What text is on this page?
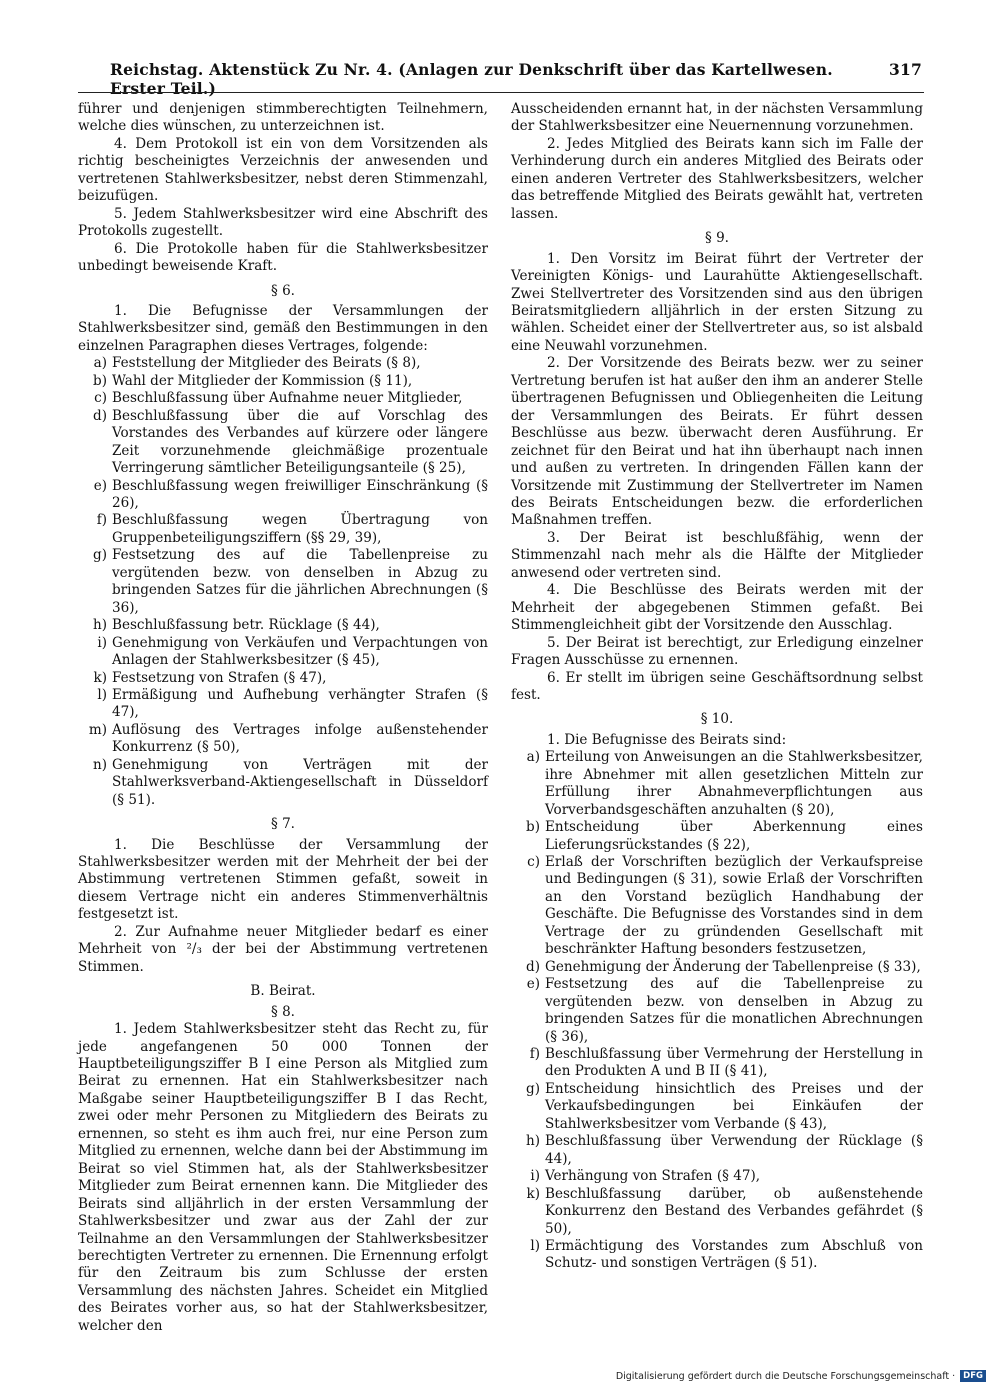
Reichstag. Aktenstück Zu Nr. 4. (Anlagen zur Denkschrift über das Kartellwesen. Erster Teil.)
317

führer und denjenigen stimmberechtigten Teilnehmern, welche dies wünschen, zu unterzeichnen ist.

4. Dem Protokoll ist ein von dem Vorsitzenden als richtig bescheinigtes Verzeichnis der anwesenden und vertretenen Stahlwerksbesitzer, nebst deren Stimmenzahl, beizufügen.

5. Jedem Stahlwerksbesitzer wird eine Abschrift des Protokolls zugestellt.

6. Die Protokolle haben für die Stahlwerksbesitzer unbedingt beweisende Kraft.

§ 6.

1. Die Befugnisse der Versammlungen der Stahlwerksbesitzer sind, gemäß den Bestimmungen in den einzelnen Paragraphen dieses Vertrages, folgende:

a) Feststellung der Mitglieder des Beirats (§ 8),
b) Wahl der Mitglieder der Kommission (§ 11),
c) Beschlußfassung über Aufnahme neuer Mitglieder,
d) Beschlußfassung über die auf Vorschlag des Vorstandes des Verbandes auf kürzere oder längere Zeit vorzunehmende gleichmäßige prozentuale Verringerung sämtlicher Beteiligungsanteile (§ 25),
e) Beschlußfassung wegen freiwilliger Einschränkung (§ 26),
f) Beschlußfassung wegen Übertragung von Gruppenbeteiligungsziffern (§§ 29, 39),
g) Festsetzung des auf die Tabellenpreise zu vergütenden bezw. von denselben in Abzug zu bringenden Satzes für die jährlichen Abrechnungen (§ 36),
h) Beschlußfassung betr. Rücklage (§ 44),
i) Genehmigung von Verkäufen und Verpachtungen von Anlagen der Stahlwerksbesitzer (§ 45),
k) Festsetzung von Strafen (§ 47),
l) Ermäßigung und Aufhebung verhängter Strafen (§ 47),
m) Auflösung des Vertrages infolge außenstehender Konkurrenz (§ 50),
n) Genehmigung von Verträgen mit der Stahlwerksverband-Aktiengesellschaft in Düsseldorf (§ 51).

§ 7.

1. Die Beschlüsse der Versammlung der Stahlwerksbesitzer werden mit der Mehrheit der bei der Abstimmung vertretenen Stimmen gefaßt, soweit in diesem Vertrage nicht ein anderes Stimmenverhältnis festgesetzt ist.

2. Zur Aufnahme neuer Mitglieder bedarf es einer Mehrheit von ²/₃ der bei der Abstimmung vertretenen Stimmen.

B. Beirat.

§ 8.

1. Jedem Stahlwerksbesitzer steht das Recht zu, für jede angefangenen 50 000 Tonnen der Hauptbeteiligungsziffer B I eine Person als Mitglied zum Beirat zu ernennen. Hat ein Stahlwerksbesitzer nach Maßgabe seiner Hauptbeteiligungsziffer B I das Recht, zwei oder mehr Personen zu Mitgliedern des Beirats zu ernennen, so steht es ihm auch frei, nur eine Person zum Mitglied zu ernennen, welche dann bei der Abstimmung im Beirat so viel Stimmen hat, als der Stahlwerksbesitzer Mitglieder zum Beirat ernennen kann. Die Mitglieder des Beirats sind alljährlich in der ersten Versammlung der Stahlwerksbesitzer und zwar aus der Zahl der zur Teilnahme an den Versammlungen der Stahlwerksbesitzer berechtigten Vertreter zu ernennen. Die Ernennung erfolgt für den Zeitraum bis zum Schlusse der ersten Versammlung des nächsten Jahres. Scheidet ein Mitglied des Beirates vorher aus, so hat der Stahlwerksbesitzer, welcher den

Ausscheidenden ernannt hat, in der nächsten Versammlung der Stahlwerksbesitzer eine Neuernennung vorzunehmen.

2. Jedes Mitglied des Beirats kann sich im Falle der Verhinderung durch ein anderes Mitglied des Beirats oder einen anderen Vertreter des Stahlwerksbesitzers, welcher das betreffende Mitglied des Beirats gewählt hat, vertreten lassen.

§ 9.

1. Den Vorsitz im Beirat führt der Vertreter der Vereinigten Königs- und Laurahütte Aktiengesellschaft. Zwei Stellvertreter des Vorsitzenden sind aus den übrigen Beiratsmitgliedern alljährlich in der ersten Sitzung zu wählen. Scheidet einer der Stellvertreter aus, so ist alsbald eine Neuwahl vorzunehmen.

2. Der Vorsitzende des Beirats bezw. wer zu seiner Vertretung berufen ist hat außer den ihm an anderer Stelle übertragenen Befugnissen und Obliegenheiten die Leitung der Versammlungen des Beirats. Er führt dessen Beschlüsse aus bezw. überwacht deren Ausführung. Er zeichnet für den Beirat und hat ihn überhaupt nach innen und außen zu vertreten. In dringenden Fällen kann der Vorsitzende mit Zustimmung der Stellvertreter im Namen des Beirats Entscheidungen bezw. die erforderlichen Maßnahmen treffen.

3. Der Beirat ist beschlußfähig, wenn der Stimmenzahl nach mehr als die Hälfte der Mitglieder anwesend oder vertreten sind.

4. Die Beschlüsse des Beirats werden mit der Mehrheit der abgegebenen Stimmen gefaßt. Bei Stimmengleichheit gibt der Vorsitzende den Ausschlag.

5. Der Beirat ist berechtigt, zur Erledigung einzelner Fragen Ausschüsse zu ernennen.

6. Er stellt im übrigen seine Geschäftsordnung selbst fest.

§ 10.

1. Die Befugnisse des Beirats sind:

a) Erteilung von Anweisungen an die Stahlwerksbesitzer, ihre Abnehmer mit allen gesetzlichen Mitteln zur Erfüllung ihrer Abnahmeverpflichtungen aus Vorverbandsgeschäften anzuhalten (§ 20),
b) Entscheidung über Aberkennung eines Lieferungsrückstandes (§ 22),
c) Erlaß der Vorschriften bezüglich der Verkaufspreise und Bedingungen (§ 31), sowie Erlaß der Vorschriften an den Vorstand bezüglich Handhabung der Geschäfte. Die Befugnisse des Vorstandes sind in dem Vertrage der zu gründenden Gesellschaft mit beschränkter Haftung besonders festzusetzen,
d) Genehmigung der Änderung der Tabellenpreise (§ 33),
e) Festsetzung des auf die Tabellenpreise zu vergütenden bezw. von denselben in Abzug zu bringenden Satzes für die monatlichen Abrechnungen (§ 36),
f) Beschlußfassung über Vermehrung der Herstellung in den Produkten A und B II (§ 41),
g) Entscheidung hinsichtlich des Preises und der Verkaufsbedingungen bei Einkäufen der Stahlwerksbesitzer vom Verbande (§ 43),
h) Beschlußfassung über Verwendung der Rücklage (§ 44),
i) Verhängung von Strafen (§ 47),
k) Beschlußfassung darüber, ob außenstehende Konkurrenz den Bestand des Verbandes gefährdet (§ 50),
l) Ermächtigung des Vorstandes zum Abschluß von Schutz- und sonstigen Verträgen (§ 51).
Digitalisierung gefördert durch die Deutsche Forschungsgemeinschaft · DFG
